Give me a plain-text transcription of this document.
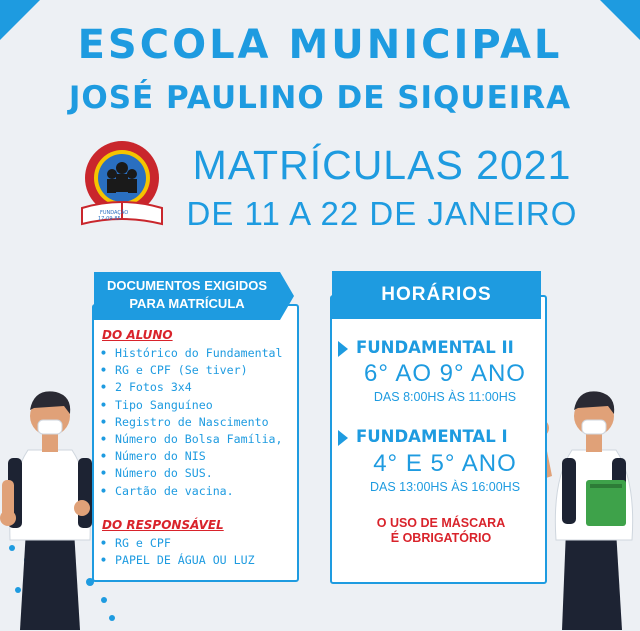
ESCOLA MUNICIPAL
JOSÉ PAULINO DE SIQUEIRA
FUNDAÇÃO
17-09-85
MATRÍCULAS 2021
DE 11 A 22 DE JANEIRO
DOCUMENTOS EXIGIDOS
PARA MATRÍCULA
DO ALUNO
• Histórico do Fundamental
• RG e CPF (Se tiver)
• 2 Fotos 3x4
• Tipo Sanguíneo
• Registro de Nascimento
• Número do Bolsa Família,
• Número do NIS
• Número do SUS.
• Cartão de vacina.
DO RESPONSÁVEL
• RG e CPF
• PAPEL DE ÁGUA OU LUZ
HORÁRIOS
FUNDAMENTAL II
6° AO 9° ANO
DAS 8:00HS ÀS 11:00HS
FUNDAMENTAL I
4° E 5° ANO
DAS 13:00HS ÀS 16:00HS
O USO DE MÁSCARA
É OBRIGATÓRIO
